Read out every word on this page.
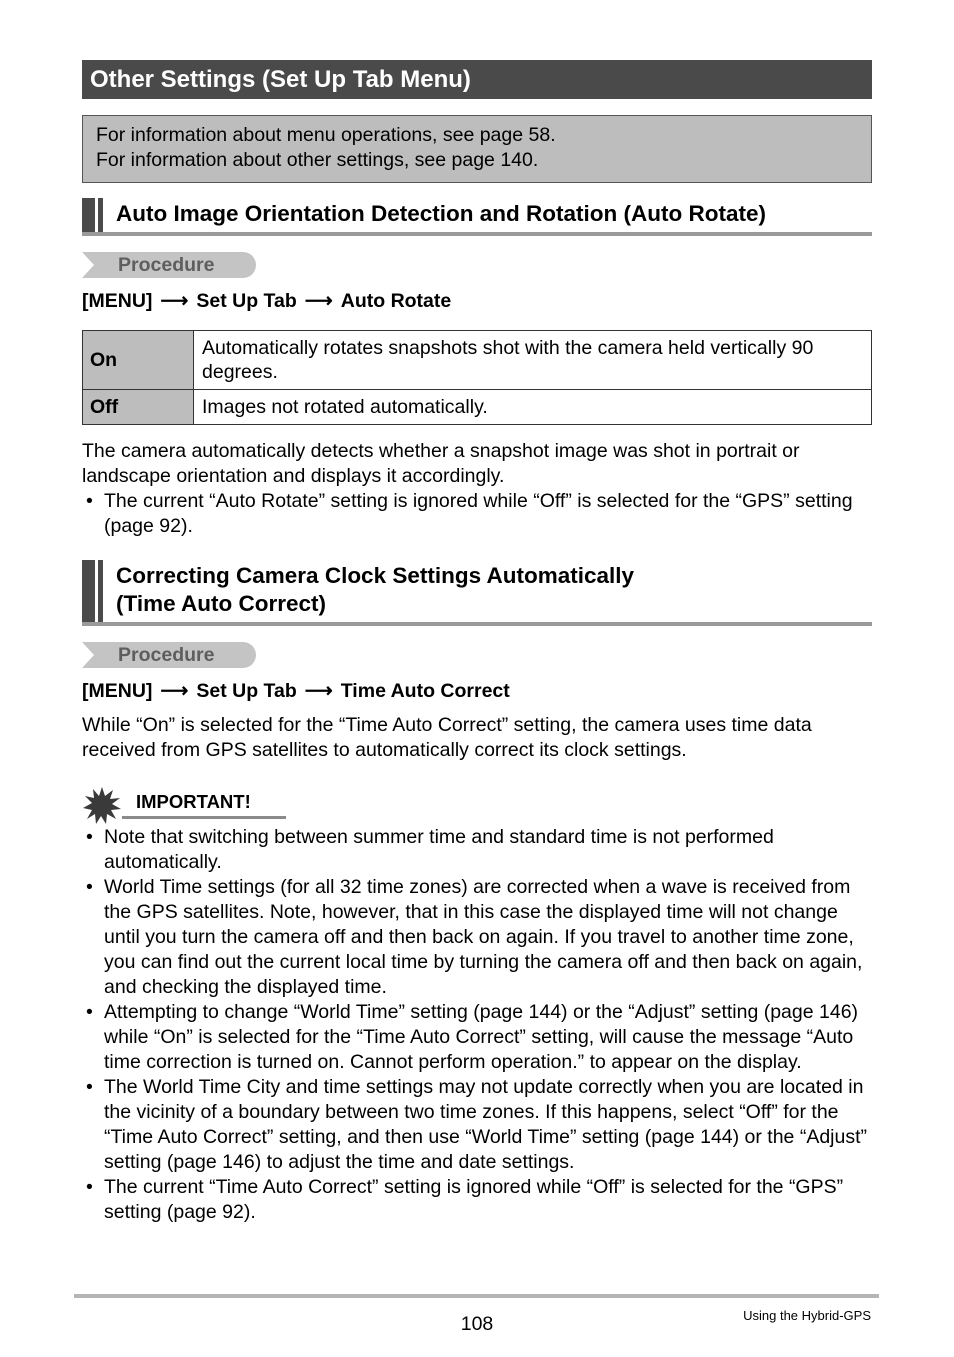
Other Settings (Set Up Tab Menu)
For information about menu operations, see page 58.
For information about other settings, see page 140.
Auto Image Orientation Detection and Rotation (Auto Rotate)
Procedure
[MENU] ⟶ Set Up Tab ⟶ Auto Rotate
On	Automatically rotates snapshots shot with the camera held vertically 90 degrees.
Off	Images not rotated automatically.
The camera automatically detects whether a snapshot image was shot in portrait or landscape orientation and displays it accordingly.
• The current “Auto Rotate” setting is ignored while “Off” is selected for the “GPS” setting (page 92).
Correcting Camera Clock Settings Automatically
(Time Auto Correct)
Procedure
[MENU] ⟶ Set Up Tab ⟶ Time Auto Correct
While “On” is selected for the “Time Auto Correct” setting, the camera uses time data received from GPS satellites to automatically correct its clock settings.
IMPORTANT!
• Note that switching between summer time and standard time is not performed automatically.
• World Time settings (for all 32 time zones) are corrected when a wave is received from the GPS satellites. Note, however, that in this case the displayed time will not change until you turn the camera off and then back on again. If you travel to another time zone, you can find out the current local time by turning the camera off and then back on again, and checking the displayed time.
• Attempting to change “World Time” setting (page 144) or the “Adjust” setting (page 146) while “On” is selected for the “Time Auto Correct” setting, will cause the message “Auto time correction is turned on. Cannot perform operation.” to appear on the display.
• The World Time City and time settings may not update correctly when you are located in the vicinity of a boundary between two time zones. If this happens, select “Off” for the “Time Auto Correct” setting, and then use “World Time” setting (page 144) or the “Adjust” setting (page 146) to adjust the time and date settings.
• The current “Time Auto Correct” setting is ignored while “Off” is selected for the “GPS” setting (page 92).
108	Using the Hybrid-GPS
